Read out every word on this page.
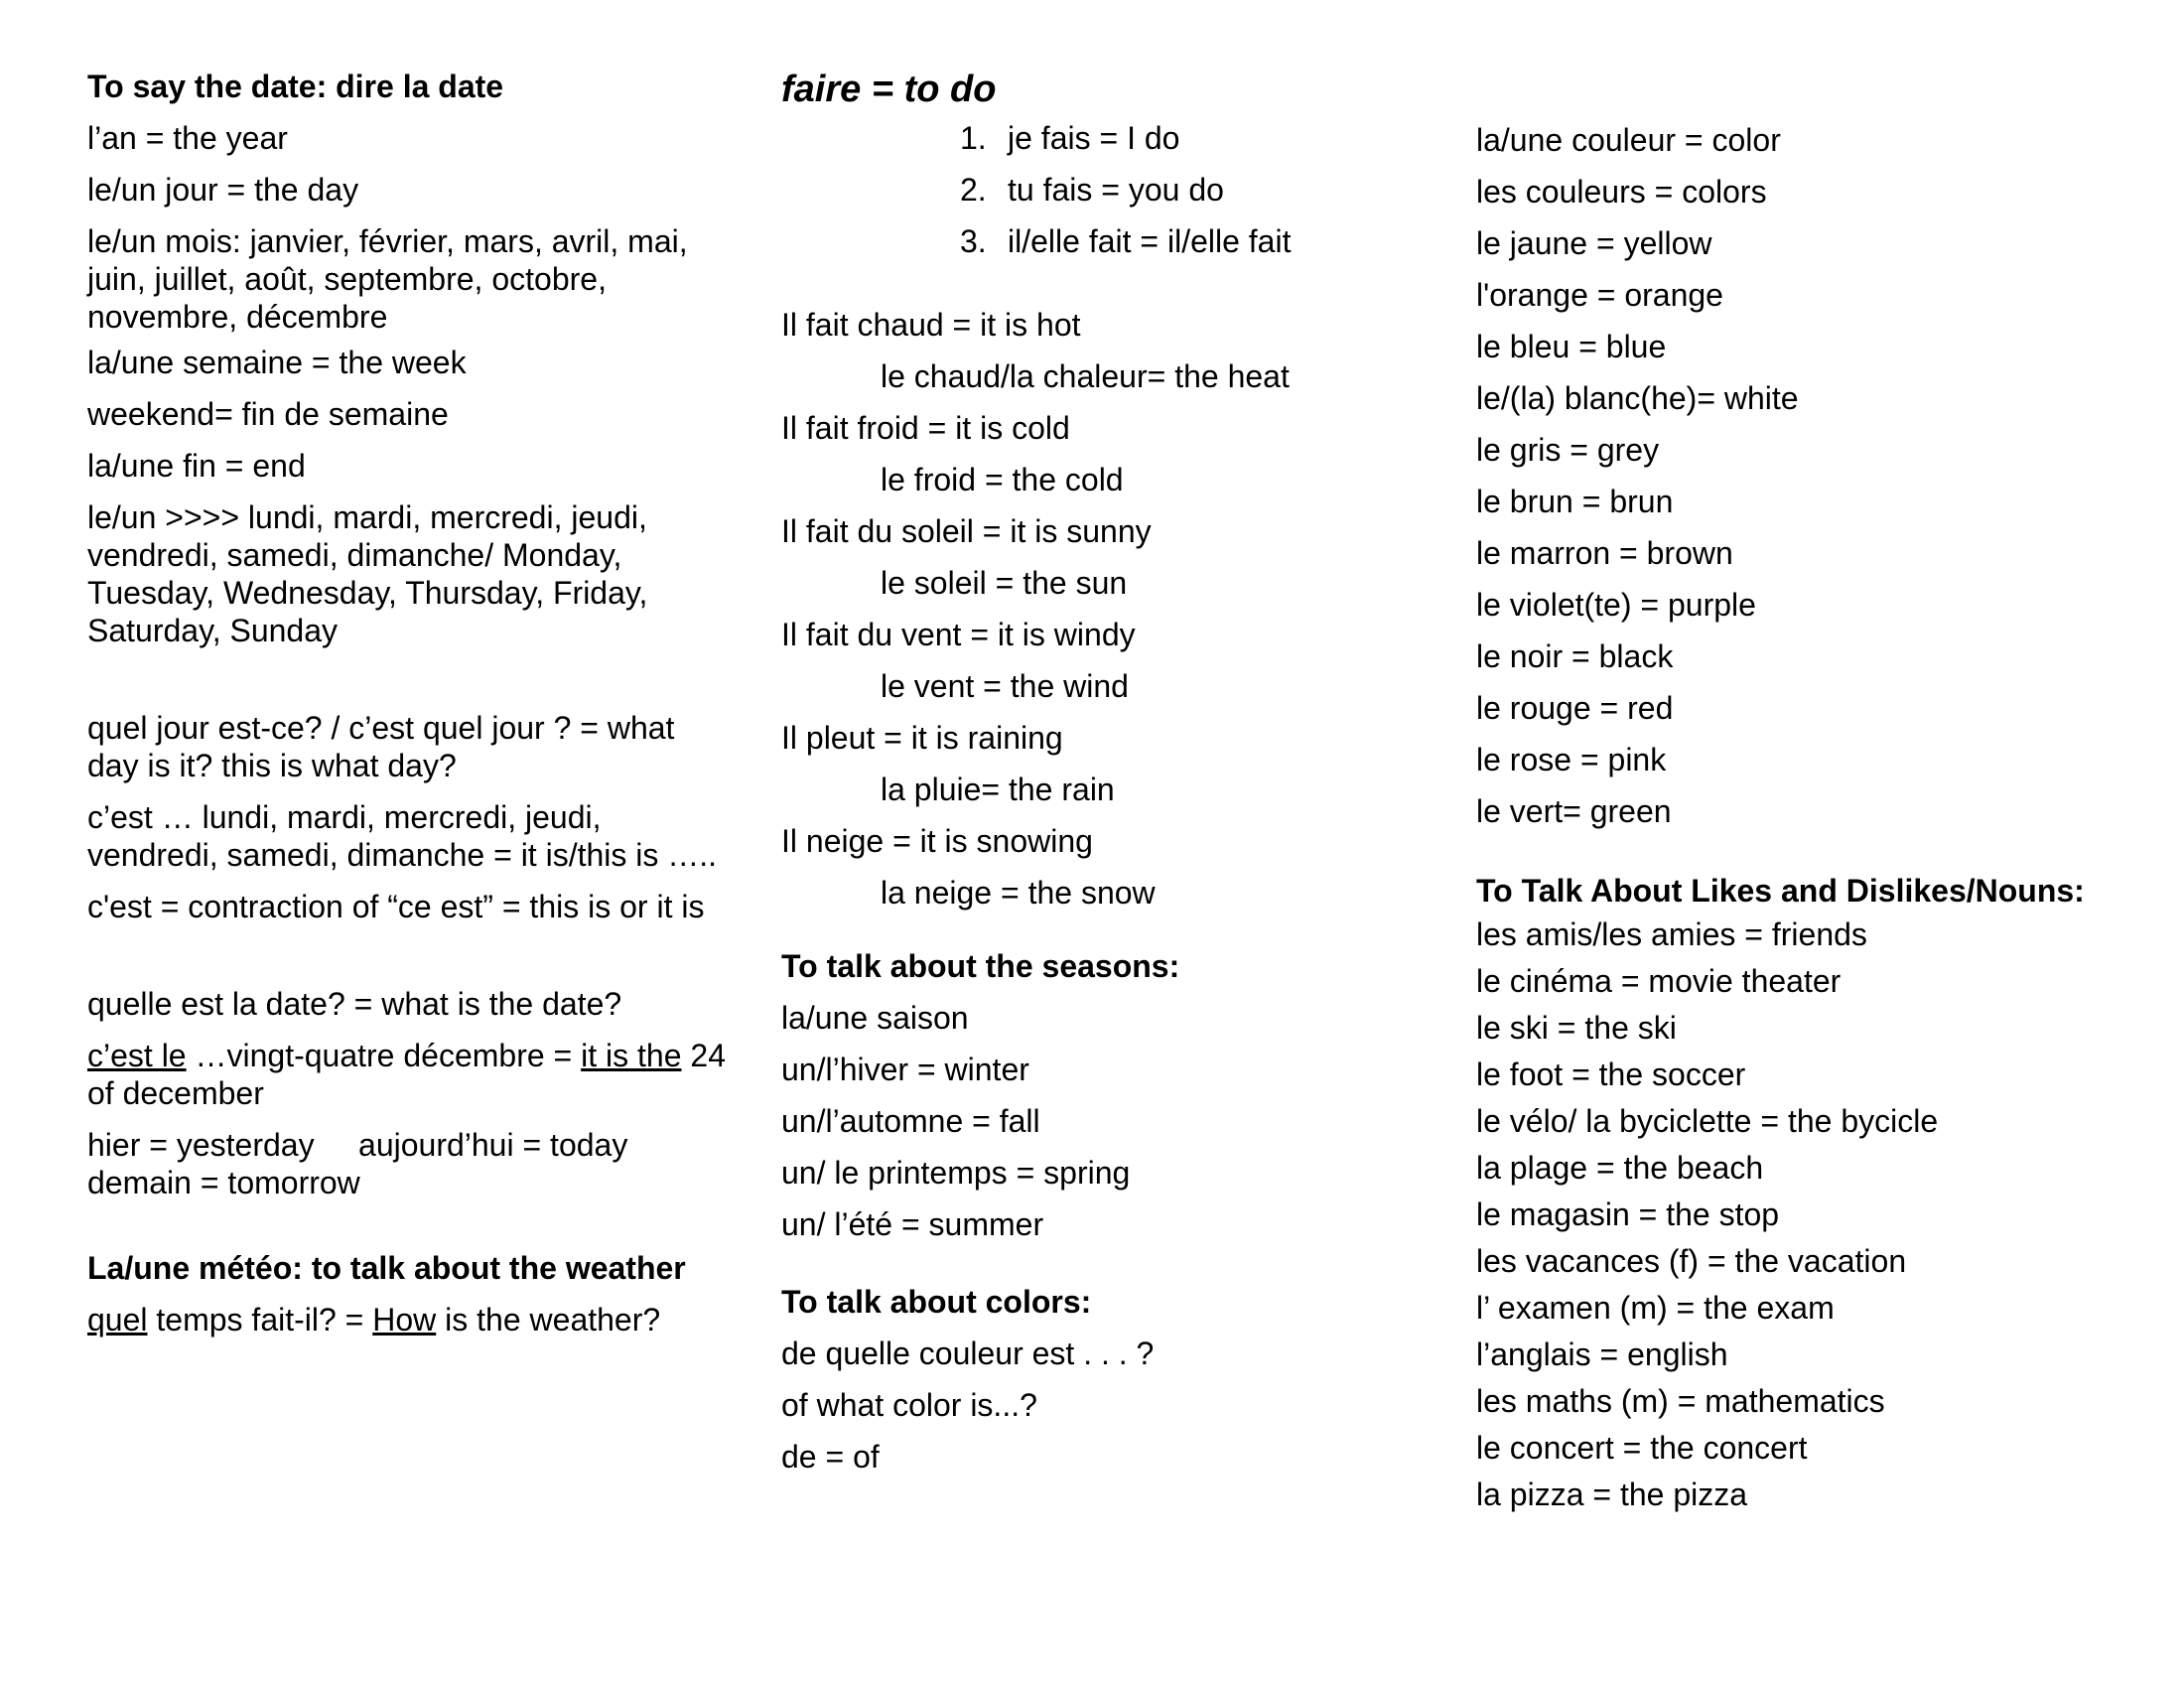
To say the date: dire la date
l’an = the year
le/un jour = the day
le/un mois: janvier, février, mars, avril, mai, juin, juillet, août, septembre, octobre, novembre, décembre
la/une semaine = the week
weekend= fin de semaine
la/une fin = end
le/un >>>> lundi, mardi, mercredi, jeudi, vendredi, samedi, dimanche/ Monday, Tuesday, Wednesday, Thursday, Friday, Saturday, Sunday
quel jour est-ce? / c’est quel jour ? = what day is it? this is what day?
c’est … lundi, mardi, mercredi, jeudi, vendredi, samedi, dimanche = it is/this is …..
c'est = contraction of “ce est” = this is or it is
quelle est la date? = what is the date?
c’est le …vingt-quatre décembre = it is the 24 of december
hier = yesterday     aujourd’hui = today
demain = tomorrow
La/une météo: to talk about the weather
quel temps fait-il? = How is the weather?
faire = to do
1. je fais = I do
2. tu fais = you do
3. il/elle fait = il/elle fait
Il fait chaud = it is hot
le chaud/la chaleur= the heat
Il fait froid = it is cold
le froid = the cold
Il fait du soleil = it is sunny
le soleil = the sun
Il fait du vent = it is windy
le vent = the wind
Il pleut = it is raining
la pluie= the rain
Il neige = it is snowing
la neige = the snow
To talk about the seasons:
la/une saison
un/l’hiver = winter
un/l’automne = fall
un/ le printemps = spring
un/ l’été = summer
To talk about colors:
de quelle couleur est . . . ?
of what color is...?
de = of
la/une couleur = color
les couleurs = colors
le jaune = yellow
l'orange = orange
le bleu = blue
le/(la) blanc(he)= white
le gris = grey
le brun = brun
le marron = brown
le violet(te) = purple
le noir = black
le rouge = red
le rose = pink
le vert= green
To Talk About Likes and Dislikes/Nouns:
les amis/les amies = friends
le cinéma = movie theater
le ski = the ski
le foot = the soccer
le vélo/ la byciclette = the bycicle
la plage = the beach
le magasin = the stop
les vacances (f) = the vacation
l’ examen (m) = the exam
l’anglais = english
les maths (m) = mathematics
le concert = the concert
la pizza = the pizza
